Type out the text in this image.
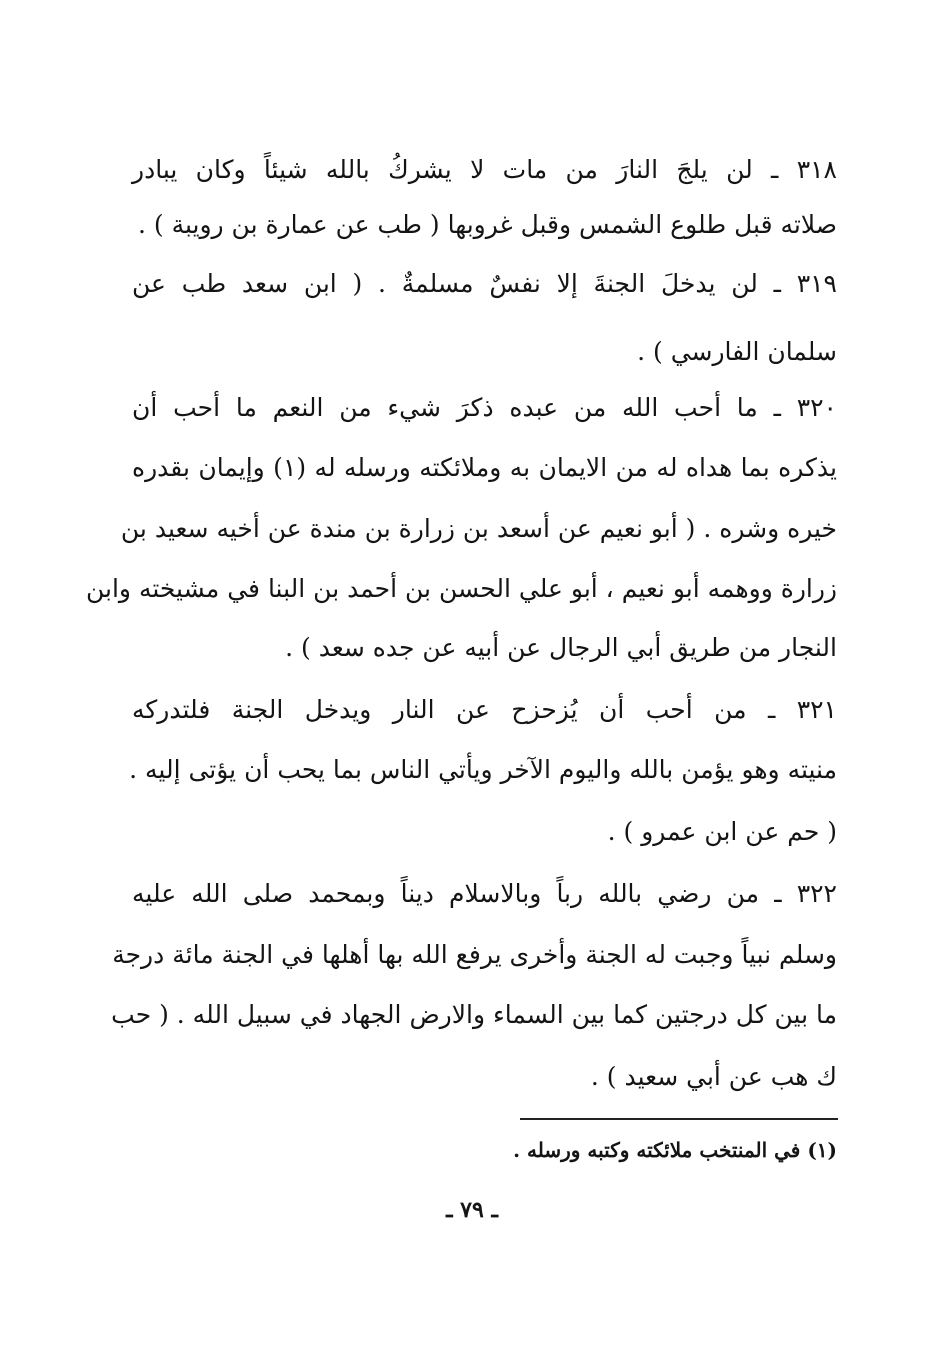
٣١٨ ـ لن يلجَ النارَ من مات لا يشركُ بالله شيئاً وكان يبادر
صلاته قبل طلوع الشمس وقبل غروبها ( طب عن عمارة بن رويبة ) .
٣١٩ ـ لن يدخلَ الجنةَ إلا نفسٌ مسلمةٌ . ( ابن سعد طب عن
سلمان الفارسي ) .
٣٢٠ ـ ما أحب الله من عبده ذكرَ شيء من النعم ما أحب أن
يذكره بما هداه له من الايمان به وملائكته ورسله له (١) وإيمان بقدره
خيره وشره . ( أبو نعيم عن أسعد بن زرارة بن مندة عن أخيه سعيد بن
زرارة ووهمه أبو نعيم ، أبو علي الحسن بن أحمد بن البنا في مشيخته وابن
النجار من طريق أبي الرجال عن أبيه عن جده سعد ) .
٣٢١ ـ من أحب أن يُزحزح عن النار ويدخل الجنة فلتدركه
منيته وهو يؤمن بالله واليوم الآخر ويأتي الناس بما يحب أن يؤتى إليه .
( حم عن ابن عمرو ) .
٣٢٢ ـ من رضي بالله رباً وبالاسلام ديناً وبمحمد صلى الله عليه
وسلم نبياً وجبت له الجنة وأخرى يرفع الله بها أهلها في الجنة مائة درجة
ما بين كل درجتين كما بين السماء والارض الجهاد في سبيل الله . ( حب
ك هب عن أبي سعيد ) .
(١) في المنتخب ملائكته وكتبه ورسله .
ـ ٧٩ ـ
